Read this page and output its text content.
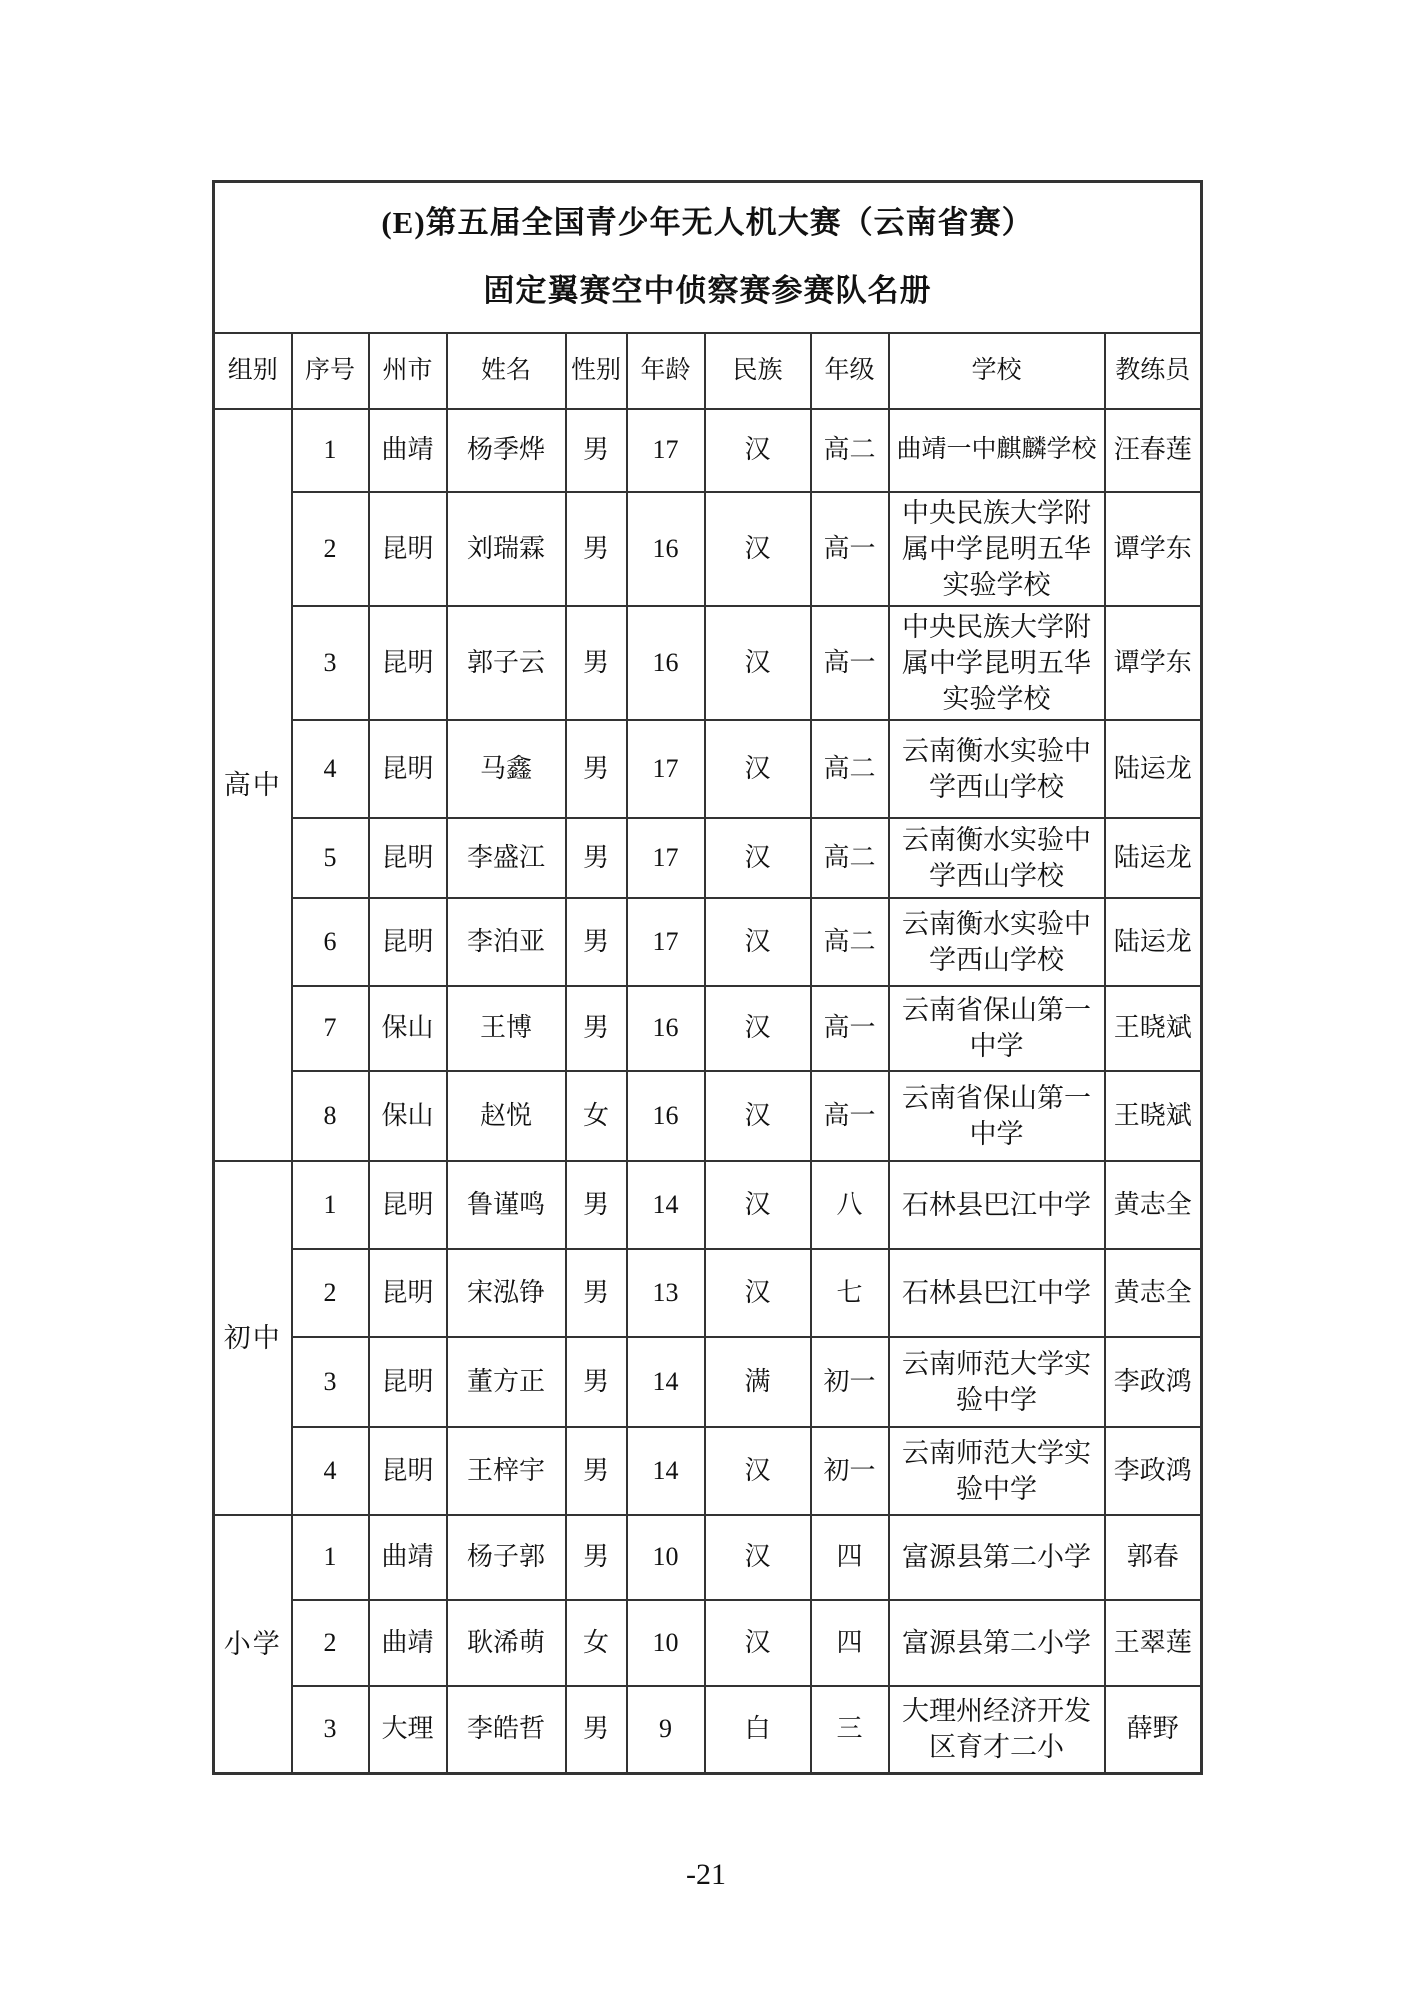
(E)第五届全国青少年无人机大赛（云南省赛）
固定翼赛空中侦察赛参赛队名册									

组别	序号	州市	姓名	性别	年龄	民族	年级	学校	教练员
高中	1	曲靖	杨季烨	男	17	汉	高二	曲靖一中麒麟学校	汪春莲
	2	昆明	刘瑞霖	男	16	汉	高一	中央民族大学附属中学昆明五华实验学校	谭学东
	3	昆明	郭子云	男	16	汉	高一	中央民族大学附属中学昆明五华实验学校	谭学东
	4	昆明	马鑫	男	17	汉	高二	云南衡水实验中学西山学校	陆运龙
	5	昆明	李盛江	男	17	汉	高二	云南衡水实验中学西山学校	陆运龙
	6	昆明	李泊亚	男	17	汉	高二	云南衡水实验中学西山学校	陆运龙
	7	保山	王博	男	16	汉	高一	云南省保山第一中学	王晓斌
	8	保山	赵悦	女	16	汉	高一	云南省保山第一中学	王晓斌
初中	1	昆明	鲁谨鸣	男	14	汉	八	石林县巴江中学	黄志全
	2	昆明	宋泓铮	男	13	汉	七	石林县巴江中学	黄志全
	3	昆明	董方正	男	14	满	初一	云南师范大学实验中学	李政鸿
	4	昆明	王梓宇	男	14	汉	初一	云南师范大学实验中学	李政鸿
小学	1	曲靖	杨子郭	男	10	汉	四	富源县第二小学	郭春
	2	曲靖	耿浠萌	女	10	汉	四	富源县第二小学	王翠莲
	3	大理	李皓哲	男	9	白	三	大理州经济开发区育才二小	薛野
-21
